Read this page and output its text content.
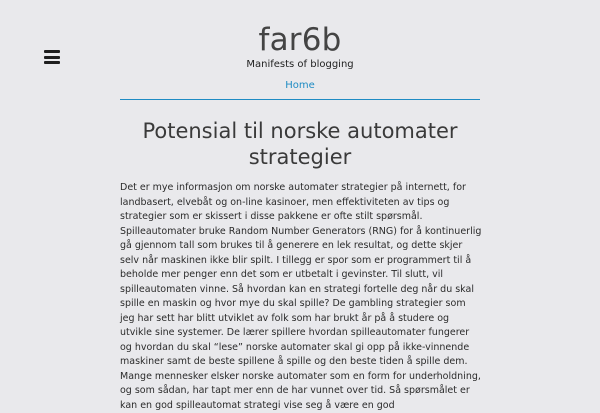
far6b
Manifests of blogging
Home
Potensial til norske automater strategier

Det er mye informasjon om norske automater strategier på internett, for landbasert, elvebåt og on-line kasinoer, men effektiviteten av tips og strategier som er skissert i disse pakkene er ofte stilt spørsmål. Spilleautomater bruke Random Number Generators (RNG) for å kontinuerlig gå gjennom tall som brukes til å generere en lek resultat, og dette skjer selv når maskinen ikke blir spilt. I tillegg er spor som er programmert til å beholde mer penger enn det som er utbetalt i gevinster. Til slutt, vil spilleautomaten vinne. Så hvordan kan en strategi fortelle deg når du skal spille en maskin og hvor mye du skal spille? De gambling strategier som jeg har sett har blitt utviklet av folk som har brukt år på å studere og utvikle sine systemer. De lærer spillere hvordan spilleautomater fungerer og hvordan du skal “lese” norske automater skal gi opp på ikke-vinnende maskiner samt de beste spillene å spille og den beste tiden å spille dem. Mange mennesker elsker norske automater som en form for underholdning, og som sådan, har tapt mer enn de har vunnet over tid. Så spørsmålet er kan en god spilleautomat strategi vise seg å være en god
